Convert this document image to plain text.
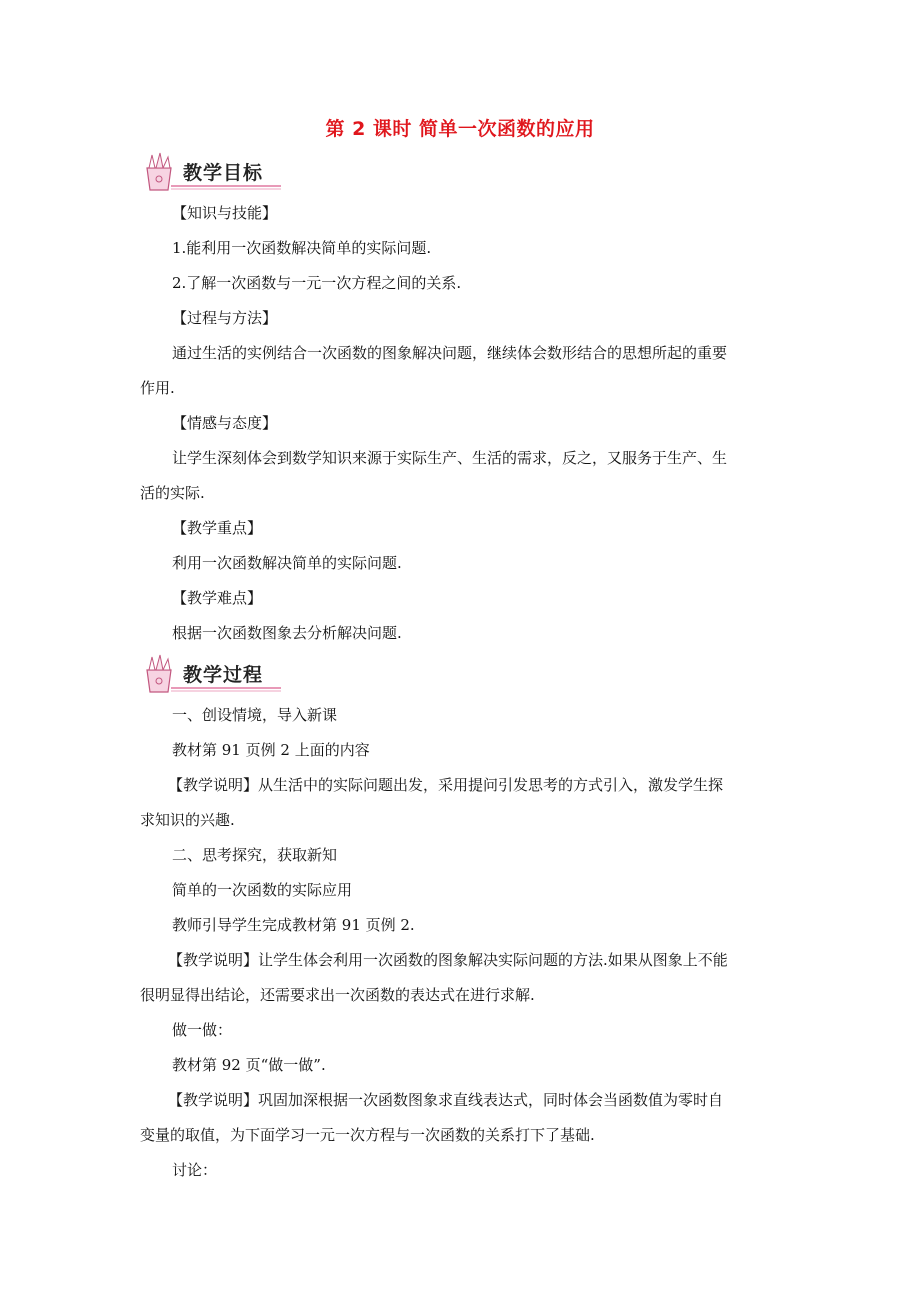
第 2 课时 简单一次函数的应用
教学目标
【知识与技能】
1.能利用一次函数解决简单的实际问题.
2.了解一次函数与一元一次方程之间的关系.
【过程与方法】
通过生活的实例结合一次函数的图象解决问题，继续体会数形结合的思想所起的重要
作用.
【情感与态度】
让学生深刻体会到数学知识来源于实际生产、生活的需求，反之，又服务于生产、生
活的实际.
【教学重点】
利用一次函数解决简单的实际问题.
【教学难点】
根据一次函数图象去分析解决问题.
教学过程
一、创设情境，导入新课
教材第 91 页例 2 上面的内容
【教学说明】从生活中的实际问题出发，采用提问引发思考的方式引入，激发学生探
求知识的兴趣.
二、思考探究，获取新知
简单的一次函数的实际应用
教师引导学生完成教材第 91 页例 2.
【教学说明】让学生体会利用一次函数的图象解决实际问题的方法.如果从图象上不能
很明显得出结论，还需要求出一次函数的表达式在进行求解.
做一做：
教材第 92 页“做一做”.
【教学说明】巩固加深根据一次函数图象求直线表达式，同时体会当函数值为零时自
变量的取值，为下面学习一元一次方程与一次函数的关系打下了基础.
讨论：
